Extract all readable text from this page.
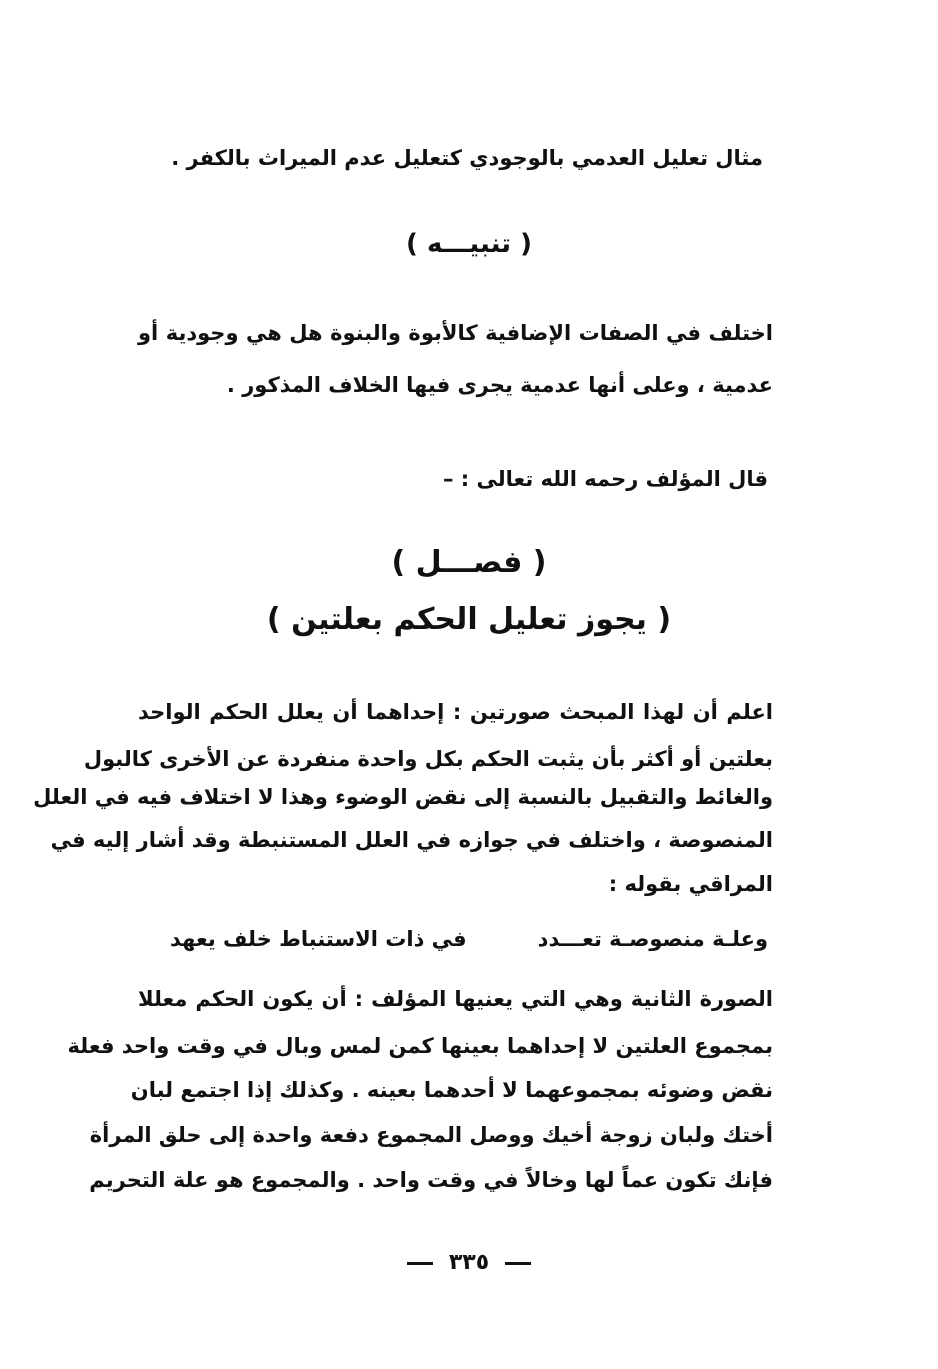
مثال تعليل العدمي بالوجودي كتعليل عدم الميراث بالكفر .
( تنبيـــه )
اختلف في الصفات الإضافية كالأبوة والبنوة هل هي وجودية أو
عدمية ، وعلى أنها عدمية يجرى فيها الخلاف المذكور .
قال المؤلف رحمه الله تعالى : –
( فصـــل )
( يجوز تعليل الحكم بعلتين )
اعلم أن لهذا المبحث صورتين : إحداهما أن يعلل الحكم الواحد
بعلتين أو أكثر بأن يثبت الحكم بكل واحدة منفردة عن الأخرى كالبول
والغائط والتقبيل بالنسبة إلى نقض الوضوء وهذا لا اختلاف فيه في العلل
المنصوصة ، واختلف في جوازه في العلل المستنبطة وقد أشار إليه في
المراقي بقوله :
وعلـة منصوصـة تعـــدد
في ذات الاستنباط خلف يعهد
الصورة الثانية وهي التي يعنيها المؤلف : أن يكون الحكم معللا
بمجموع العلتين لا إحداهما بعينها كمن لمس وبال في وقت واحد فعلة
نقض وضوئه بمجموعهما لا أحدهما بعينه . وكذلك إذا اجتمع لبان
أختك ولبان زوجة أخيك ووصل المجموع دفعة واحدة إلى حلق المرأة
فإنك تكون عماً لها وخالاً في وقت واحد . والمجموع هو علة التحريم
٣٣٥
